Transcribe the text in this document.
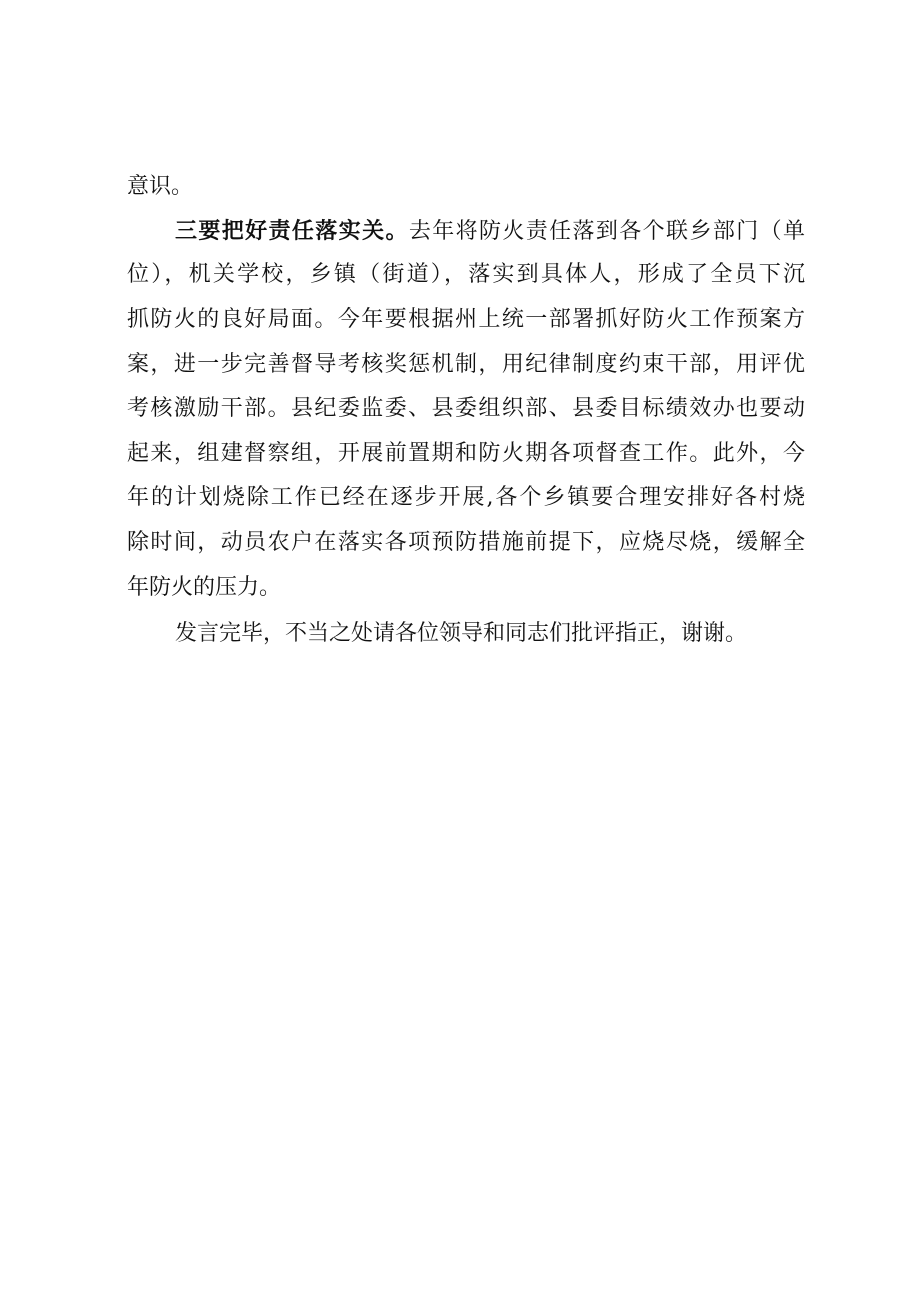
意识。
三要把好责任落实关。去年将防火责任落到各个联乡部门（单
位），机关学校，乡镇（街道），落实到具体人，形成了全员下沉
抓防火的良好局面。今年要根据州上统一部署抓好防火工作预案方
案，进一步完善督导考核奖惩机制，用纪律制度约束干部，用评优
考核激励干部。县纪委监委、县委组织部、县委目标绩效办也要动
起来，组建督察组，开展前置期和防火期各项督查工作。此外，今
年的计划烧除工作已经在逐步开展,各个乡镇要合理安排好各村烧
除时间，动员农户在落实各项预防措施前提下，应烧尽烧，缓解全
年防火的压力。
发言完毕，不当之处请各位领导和同志们批评指正，谢谢。
